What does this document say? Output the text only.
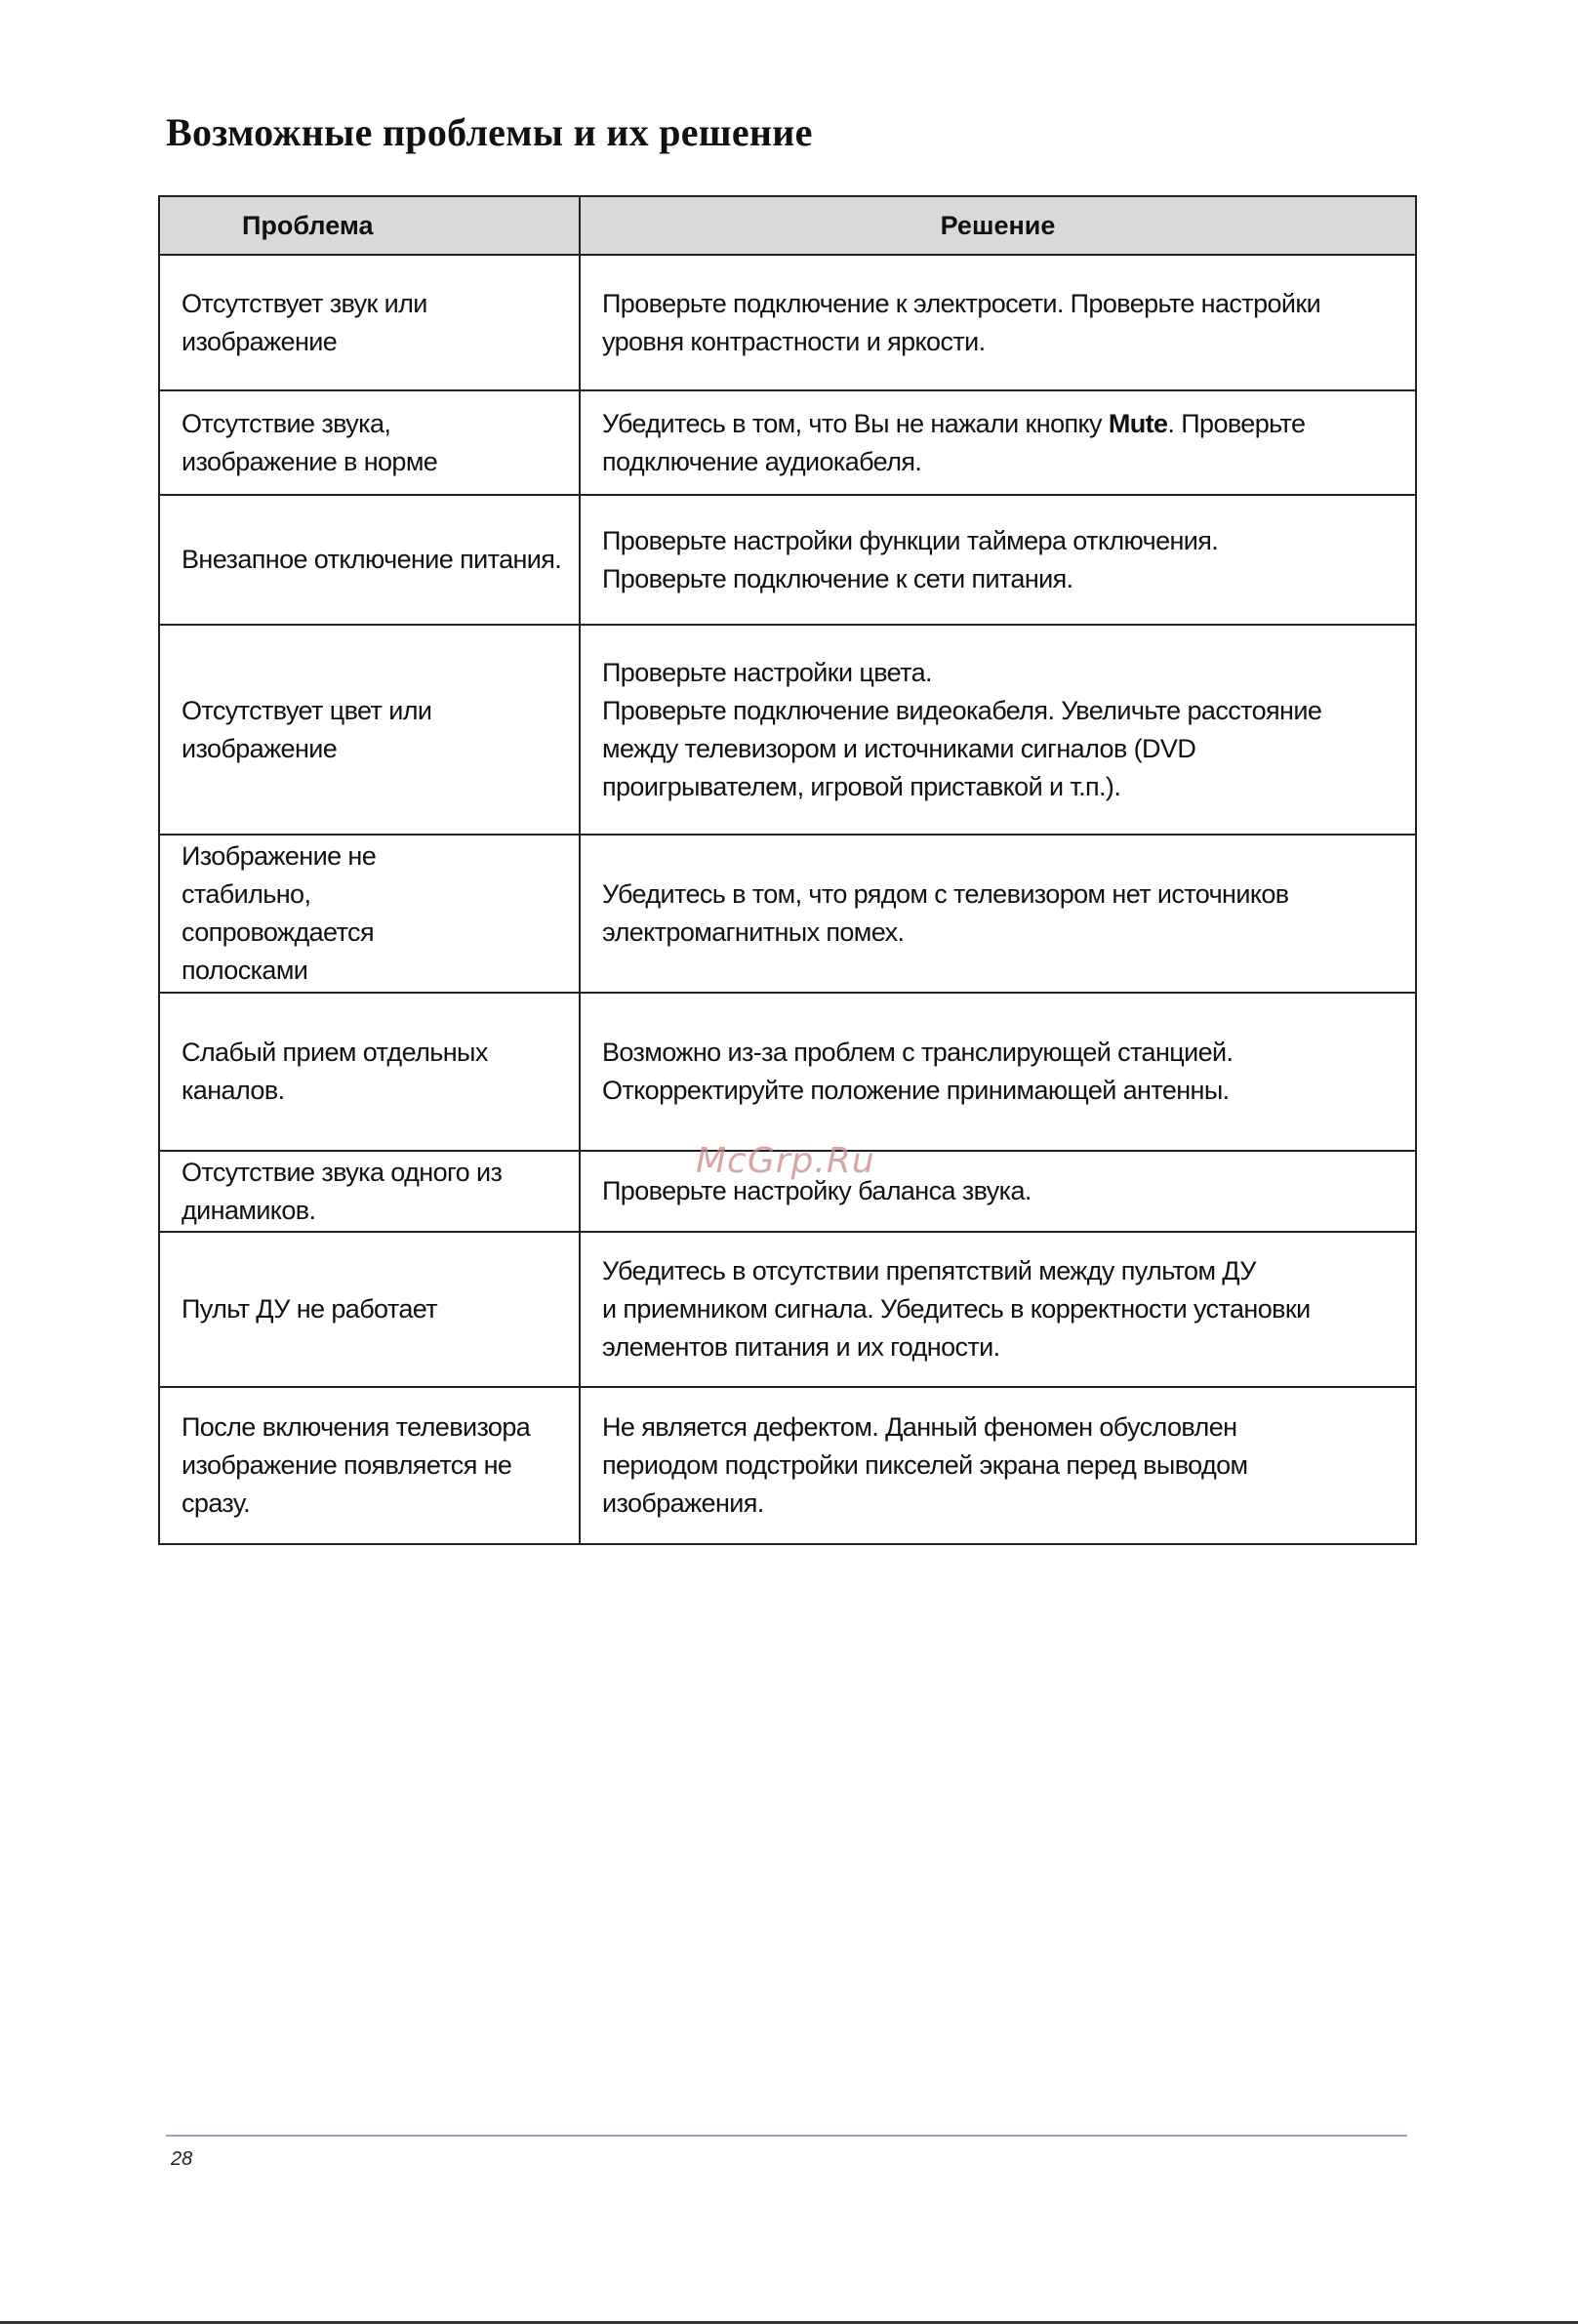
Возможные проблемы и их решение
Проблема	Решение

Отсутствует звук или
изображение	Проверьте подключение к электросети. Проверьте настройки
уровня контрастности и яркости.

Отсутствие звука,
изображение в норме	Убедитесь в том, что Вы не нажали кнопку Mute. Проверьте
подключение аудиокабеля.

Внезапное отключение питания.	Проверьте настройки функции таймера отключения.
Проверьте подключение к сети питания.

Отсутствует цвет или
изображение	Проверьте настройки цвета.
Проверьте подключение видеокабеля. Увеличьте расстояние
между телевизором и источниками сигналов (DVD
проигрывателем, игровой приставкой и т.п.).

Изображение не
стабильно,
сопровождается
полосками	Убедитесь в том, что рядом с телевизором нет источников
электромагнитных помех.

Слабый прием отдельных
каналов.	Возможно из-за проблем с транслирующей станцией.
Откорректируйте положение принимающей антенны.

Отсутствие звука одного из
динамиков.	Проверьте настройку баланса звука.

Пульт ДУ не работает	Убедитесь в отсутствии препятствий между пультом ДУ
и приемником сигнала. Убедитесь в корректности установки
элементов питания и их годности.

После включения телевизора
изображение появляется не
сразу.	Не является дефектом. Данный феномен обусловлен
периодом подстройки пикселей экрана перед выводом
изображения.
McGrp.Ru
28
